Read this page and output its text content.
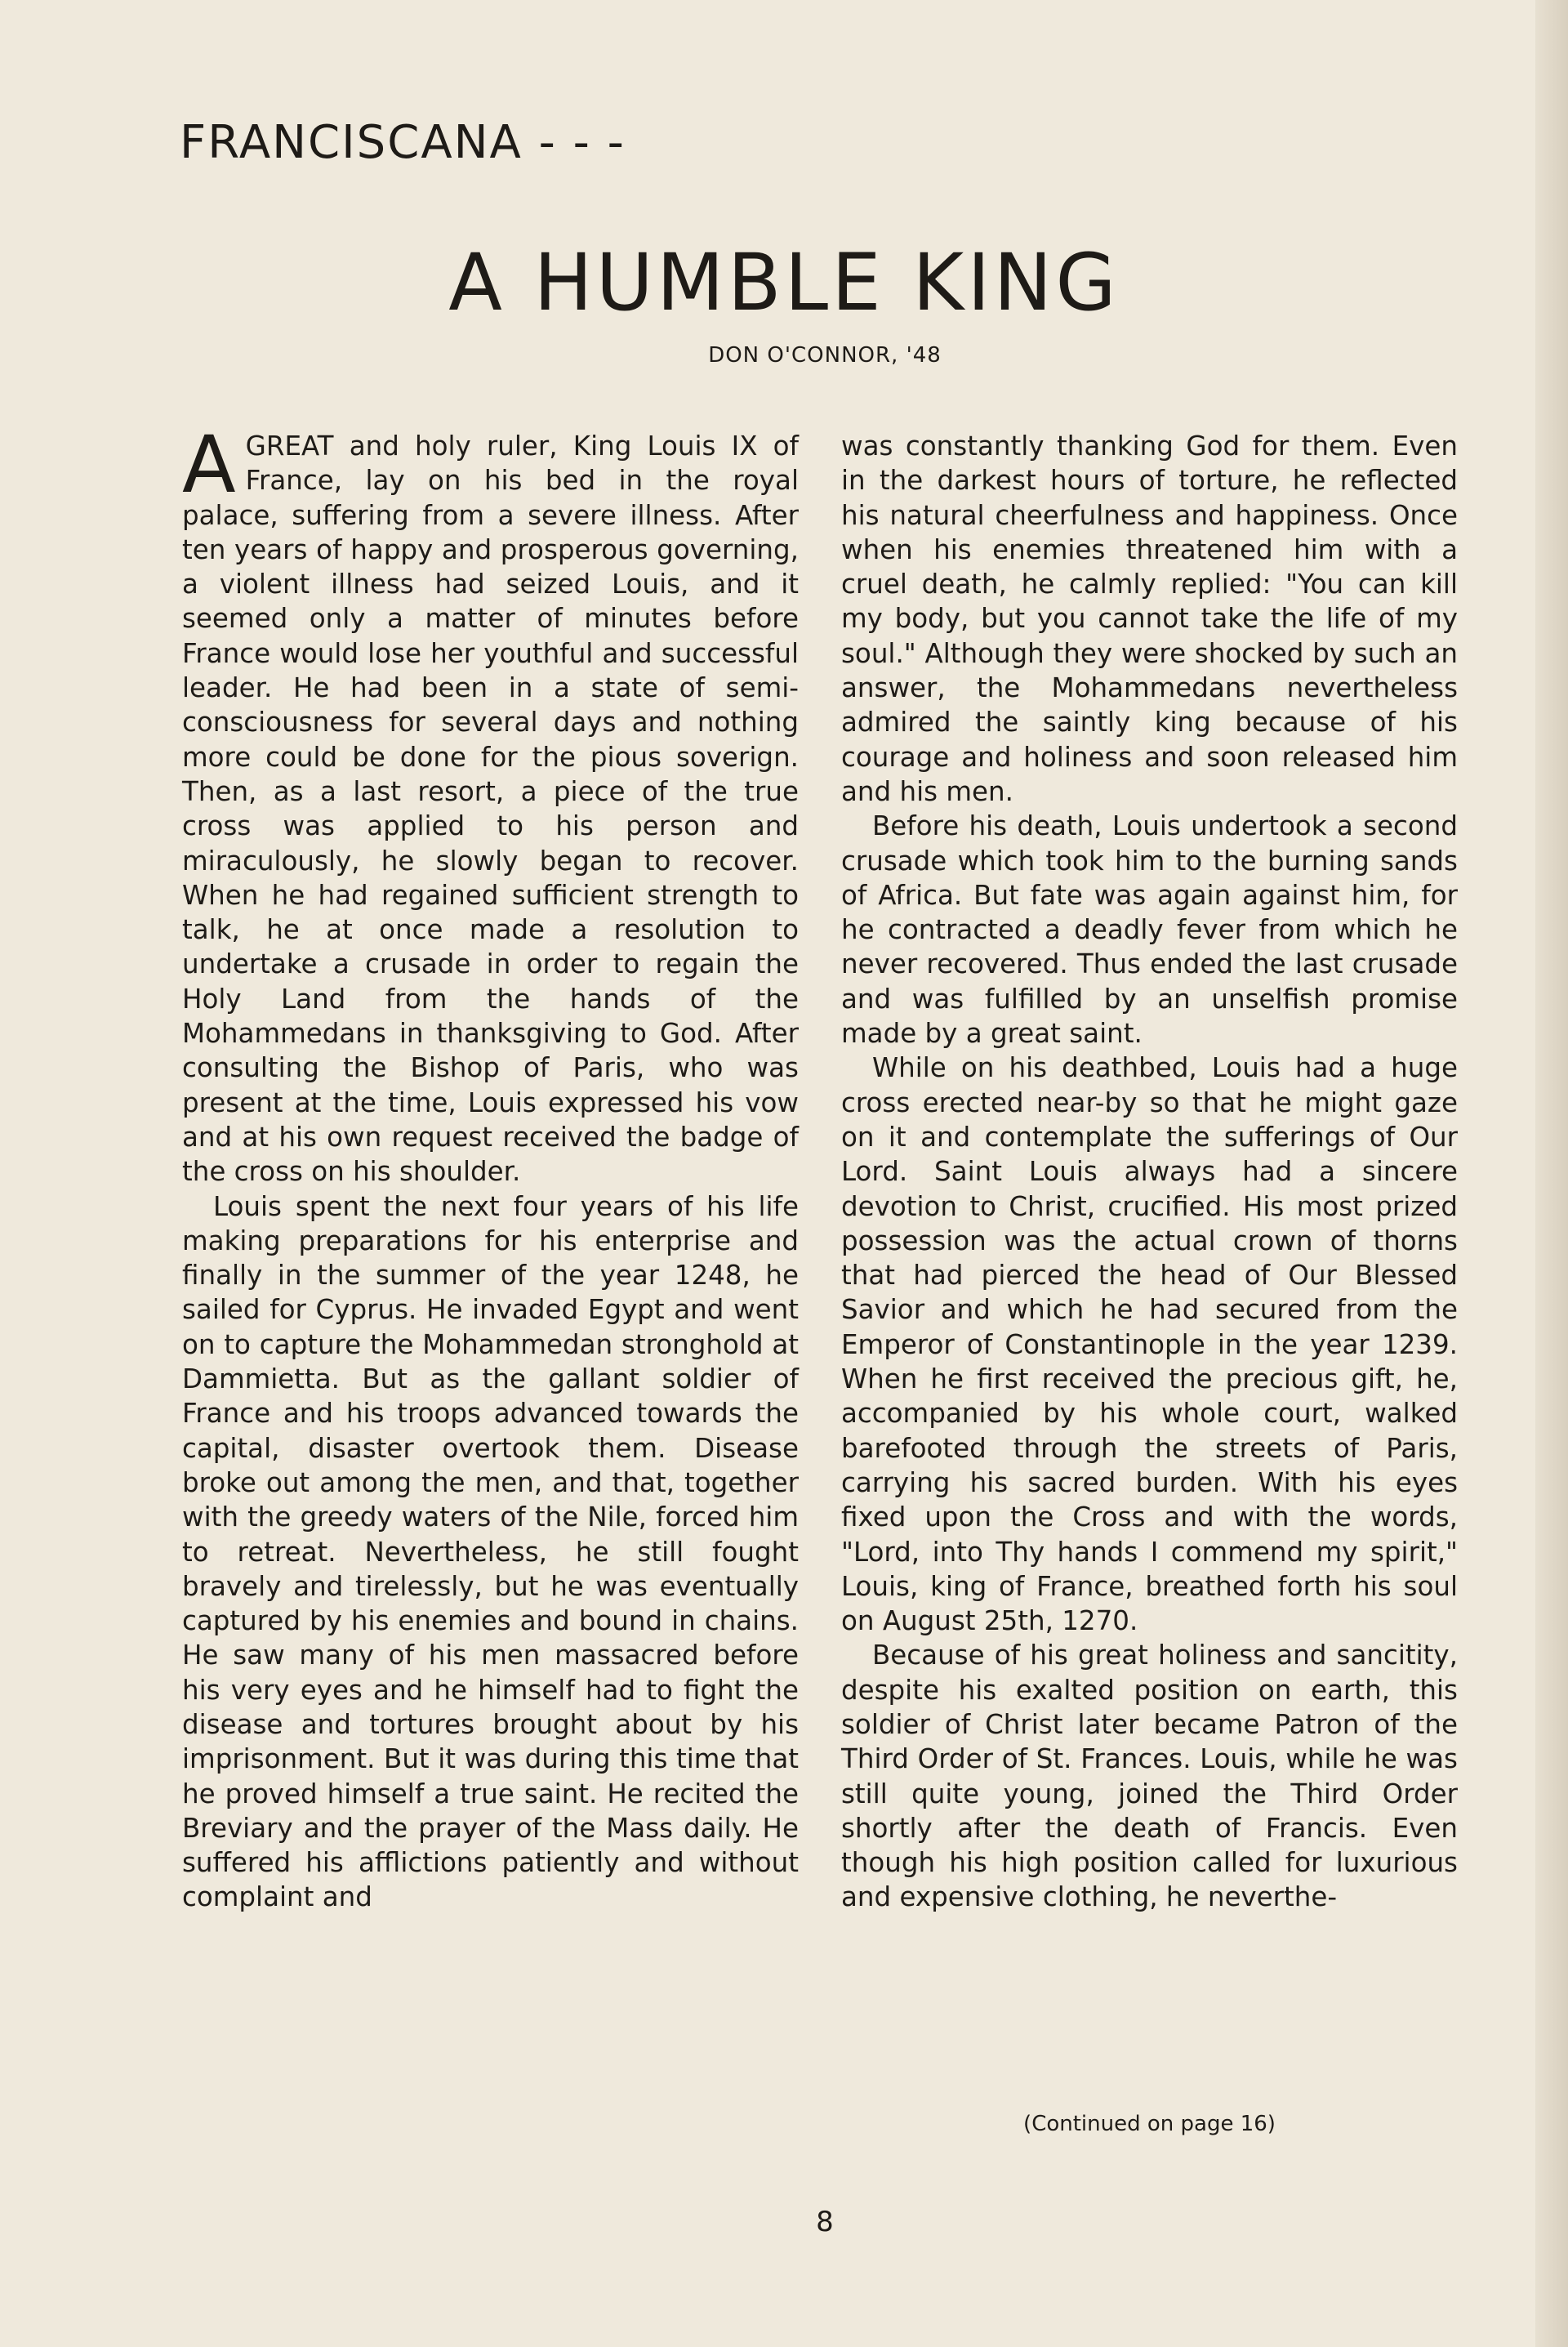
FRANCISCANA - - -
A HUMBLE KING
DON O'CONNOR, '48

A GREAT and holy ruler, King Louis IX of France, lay on his bed in the royal palace, suffering from a severe illness. After ten years of happy and prosperous governing, a violent illness had seized Louis, and it seemed only a matter of minutes before France would lose her youthful and successful leader. He had been in a state of semi-consciousness for several days and nothing more could be done for the pious soverign. Then, as a last resort, a piece of the true cross was applied to his person and miraculously, he slowly began to recover. When he had regained sufficient strength to talk, he at once made a resolution to undertake a crusade in order to regain the Holy Land from the hands of the Mohammedans in thanksgiving to God. After consulting the Bishop of Paris, who was present at the time, Louis expressed his vow and at his own request received the badge of the cross on his shoulder.

Louis spent the next four years of his life making preparations for his enterprise and finally in the summer of the year 1248, he sailed for Cyprus. He invaded Egypt and went on to capture the Mohammedan stronghold at Dammietta. But as the gallant soldier of France and his troops advanced towards the capital, disaster overtook them. Disease broke out among the men, and that, together with the greedy waters of the Nile, forced him to retreat. Nevertheless, he still fought bravely and tirelessly, but he was eventually captured by his enemies and bound in chains. He saw many of his men massacred before his very eyes and he himself had to fight the disease and tortures brought about by his imprisonment. But it was during this time that he proved himself a true saint. He recited the Breviary and the prayer of the Mass daily. He suffered his afflictions patiently and without complaint and

was constantly thanking God for them. Even in the darkest hours of torture, he reflected his natural cheerfulness and happiness. Once when his enemies threatened him with a cruel death, he calmly replied: "You can kill my body, but you cannot take the life of my soul." Although they were shocked by such an answer, the Mohammedans nevertheless admired the saintly king because of his courage and holiness and soon released him and his men.

Before his death, Louis undertook a second crusade which took him to the burning sands of Africa. But fate was again against him, for he contracted a deadly fever from which he never recovered. Thus ended the last crusade and was fulfilled by an unselfish promise made by a great saint.

While on his deathbed, Louis had a huge cross erected near-by so that he might gaze on it and contemplate the sufferings of Our Lord. Saint Louis always had a sincere devotion to Christ, crucified. His most prized possession was the actual crown of thorns that had pierced the head of Our Blessed Savior and which he had secured from the Emperor of Constantinople in the year 1239. When he first received the precious gift, he, accompanied by his whole court, walked barefooted through the streets of Paris, carrying his sacred burden. With his eyes fixed upon the Cross and with the words, "Lord, into Thy hands I commend my spirit," Louis, king of France, breathed forth his soul on August 25th, 1270.

Because of his great holiness and sancitity, despite his exalted position on earth, this soldier of Christ later became Patron of the Third Order of St. Frances. Louis, while he was still quite young, joined the Third Order shortly after the death of Francis. Even though his high position called for luxurious and expensive clothing, he neverthe-

(Continued on page 16)
8
